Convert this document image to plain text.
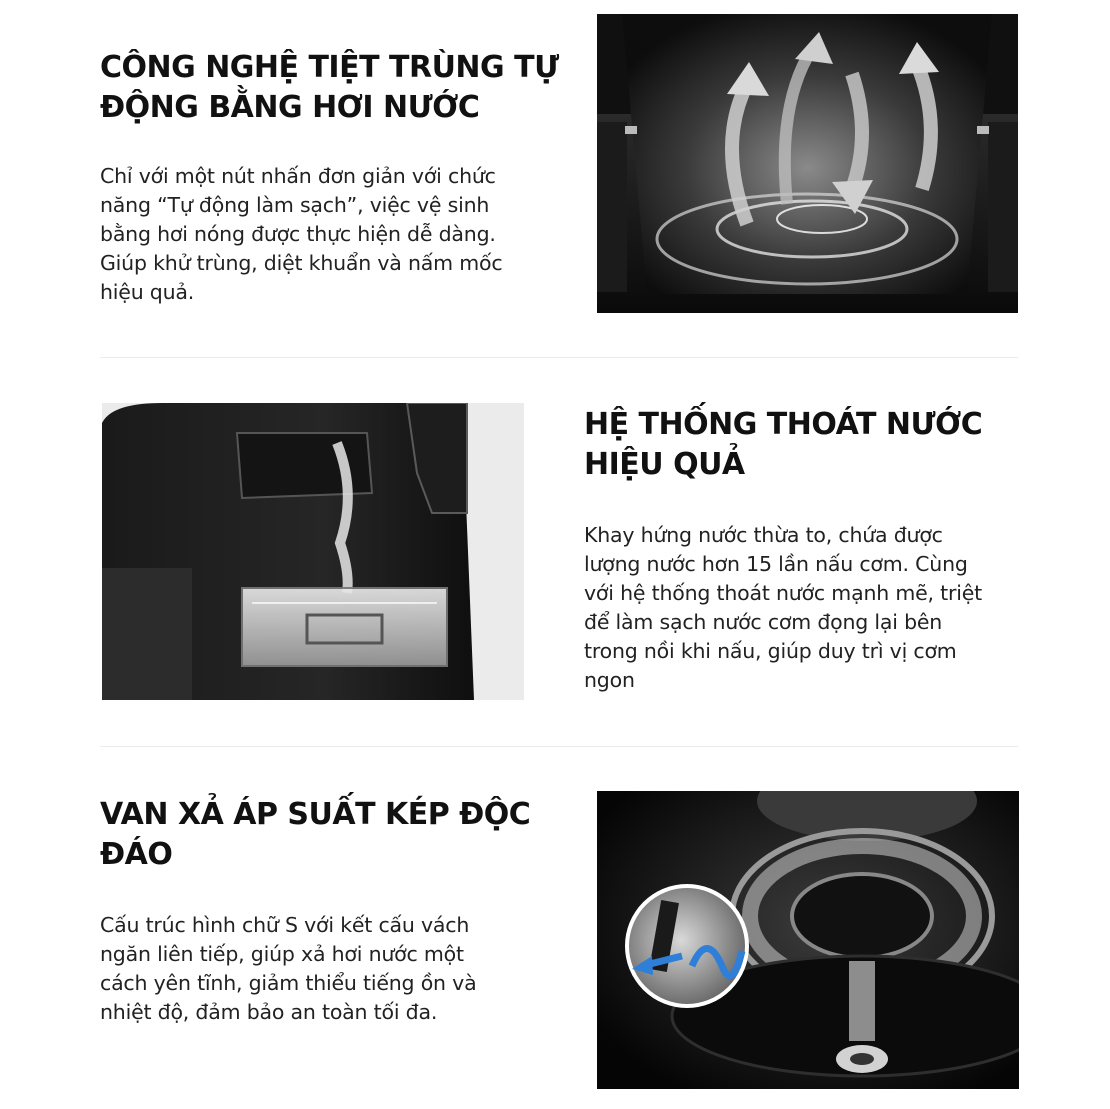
CÔNG NGHỆ TIỆT TRÙNG TỰ
ĐỘNG BẰNG HƠI NƯỚC
Chỉ với một nút nhấn đơn giản với chức
năng “Tự động làm sạch”, việc vệ sinh
bằng hơi nóng được thực hiện dễ dàng.
Giúp khử trùng, diệt khuẩn và nấm mốc
hiệu quả.
HỆ THỐNG THOÁT NƯỚC
HIỆU QUẢ
Khay hứng nước thừa to, chứa được
lượng nước hơn 15 lần nấu cơm. Cùng
với hệ thống thoát nước mạnh mẽ, triệt
để làm sạch nước cơm đọng lại bên
trong nồi khi nấu, giúp duy trì vị cơm
ngon
VAN XẢ ÁP SUẤT KÉP ĐỘC
ĐÁO
Cấu trúc hình chữ S với kết cấu vách
ngăn liên tiếp, giúp xả hơi nước một
cách yên tĩnh, giảm thiểu tiếng ồn và
nhiệt độ, đảm bảo an toàn tối đa.
